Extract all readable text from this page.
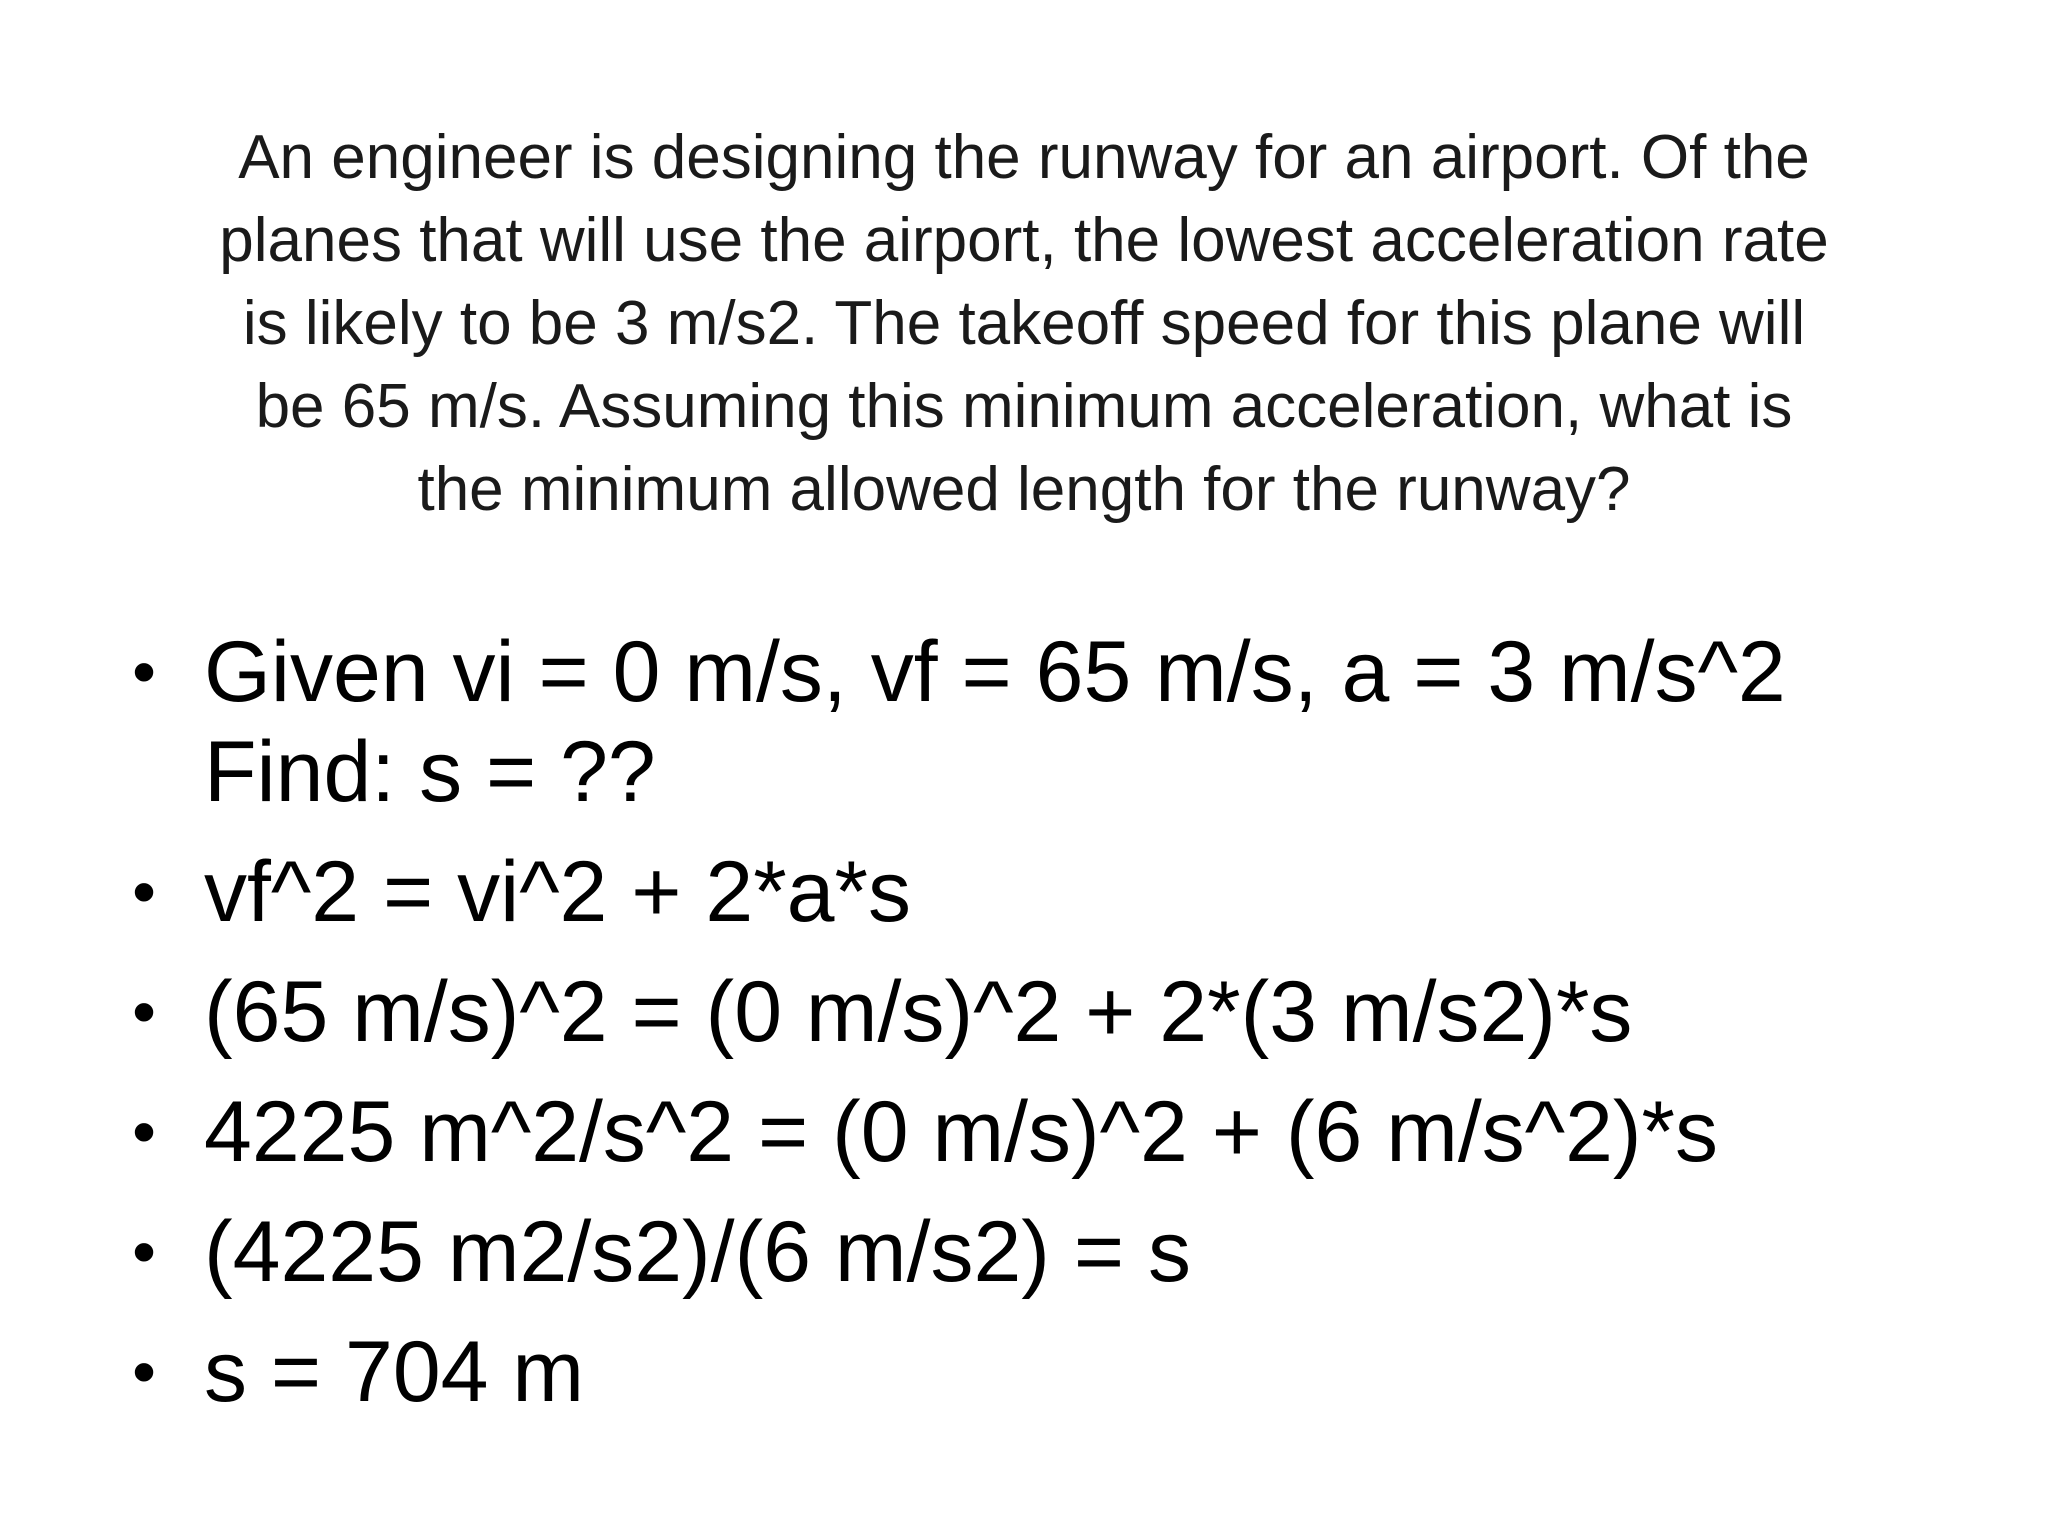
An engineer is designing the runway for an airport. Of the
planes that will use the airport, the lowest acceleration rate
is likely to be 3 m/s2. The takeoff speed for this plane will
be 65 m/s. Assuming this minimum acceleration, what is
the minimum allowed length for the runway?
• Given vi = 0 m/s, vf = 65 m/s, a = 3 m/s^2
Find: s = ??
• vf^2 = vi^2 + 2*a*s
• (65 m/s)^2 = (0 m/s)^2 + 2*(3 m/s2)*s
• 4225 m^2/s^2 = (0 m/s)^2 + (6 m/s^2)*s
• (4225 m2/s2)/(6 m/s2) = s
• s = 704 m
